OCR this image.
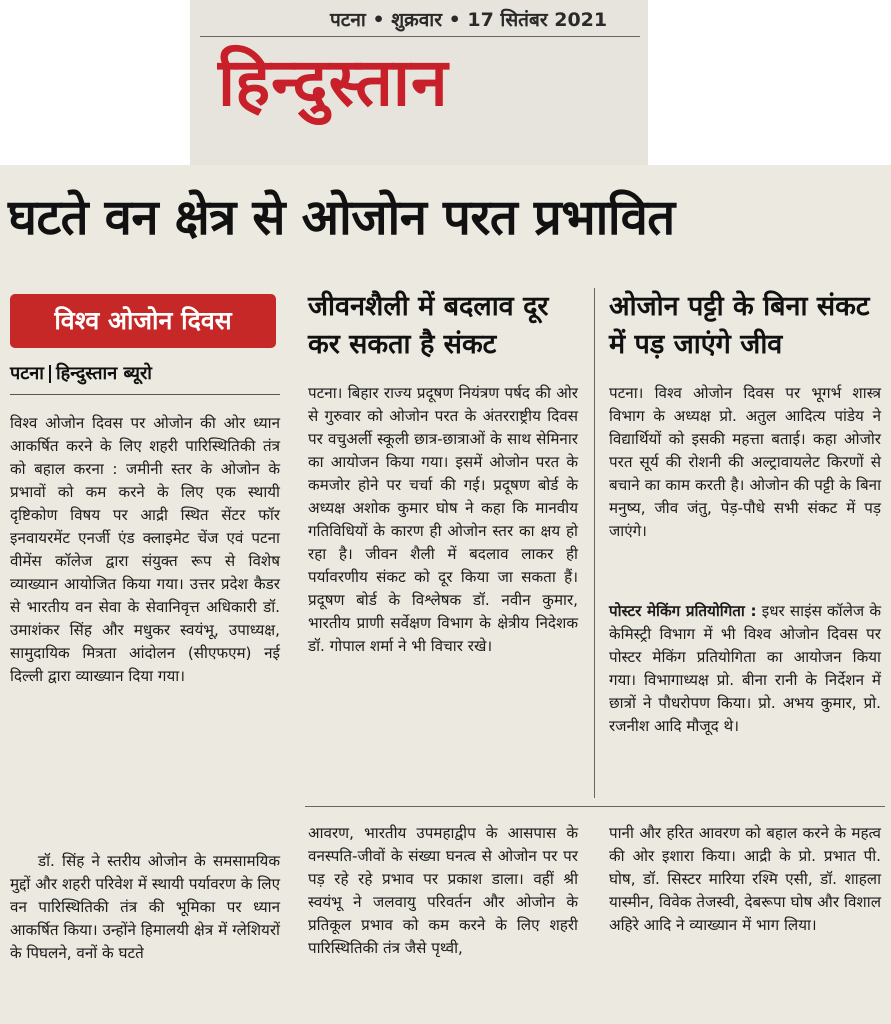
पटना • शुक्रवार • 17 सितंबर 2021
हिन्दुस्तान
घटते वन क्षेत्र से ओजोन परत प्रभावित
विश्व ओजोन दिवस
पटना हिन्दुस्तान ब्यूरो
विश्व ओजोन दिवस पर ओजोन की ओर ध्यान आकर्षित करने के लिए शहरी पारिस्थितिकी तंत्र को बहाल करना : जमीनी स्तर के ओजोन के प्रभावों को कम करने के लिए एक स्थायी दृष्टिकोण विषय पर आद्री स्थित सेंटर फॉर इनवायरमेंट एनर्जी एंड क्लाइमेट चेंज एवं पटना वीमेंस कॉलेज द्वारा संयुक्त रूप से विशेष व्याख्यान आयोजित किया गया। उत्तर प्रदेश कैडर से भारतीय वन सेवा के सेवानिवृत्त अधिकारी डॉ. उमाशंकर सिंह और मधुकर स्वयंभू, उपाध्यक्ष, सामुदायिक मित्रता आंदोलन (सीएफएम) नई दिल्ली द्वारा व्याख्यान दिया गया।
डॉ. सिंह ने स्तरीय ओजोन के समसामयिक मुद्दों और शहरी परिवेश में स्थायी पर्यावरण के लिए वन पारिस्थितिकी तंत्र की भूमिका पर ध्यान आकर्षित किया। उन्होंने हिमालयी क्षेत्र में ग्लेशियरों के पिघलने, वनों के घटते
जीवनशैली में बदलाव दूर कर सकता है संकट
पटना। बिहार राज्य प्रदूषण नियंत्रण पर्षद की ओर से गुरुवार को ओजोन परत के अंतरराष्ट्रीय दिवस पर वचुअर्ली स्कूली छात्र-छात्राओं के साथ सेमिनार का आयोजन किया गया। इसमें ओजोन परत के कमजोर होने पर चर्चा की गई। प्रदूषण बोर्ड के अध्यक्ष अशोक कुमार घोष ने कहा कि मानवीय गतिविधियों के कारण ही ओजोन स्तर का क्षय हो रहा है। जीवन शैली में बदलाव लाकर ही पर्यावरणीय संकट को दूर किया जा सकता हैं। प्रदूषण बोर्ड के विश्लेषक डॉ. नवीन कुमार, भारतीय प्राणी सर्वेक्षण विभाग के क्षेत्रीय निदेशक डॉ. गोपाल शर्मा ने भी विचार रखे।
आवरण, भारतीय उपमहाद्वीप के आसपास के वनस्पति-जीवों के संख्या घनत्व से ओजोन पर पर पड़ रहे रहे प्रभाव पर प्रकाश डाला। वहीं श्री स्वयंभू ने जलवायु परिवर्तन और ओजोन के प्रतिकूल प्रभाव को कम करने के लिए शहरी पारिस्थितिकी तंत्र जैसे पृथ्वी,
ओजोन पट्टी के बिना संकट में पड़ जाएंगे जीव
पटना। विश्व ओजोन दिवस पर भूगर्भ शास्त्र विभाग के अध्यक्ष प्रो. अतुल आदित्य पांडेय ने विद्यार्थियों को इसकी महत्ता बताई। कहा ओजोर परत सूर्य की रोशनी की अल्ट्रावायलेट किरणों से बचाने का काम करती है। ओजोन की पट्टी के बिना मनुष्य, जीव जंतु, पेड़-पौधे सभी संकट में पड़ जाएंगे।
पोस्टर मेकिंग प्रतियोगिता : इधर साइंस कॉलेज के केमिस्ट्री विभाग में भी विश्व ओजोन दिवस पर पोस्टर मेकिंग प्रतियोगिता का आयोजन किया गया। विभागाध्यक्ष प्रो. बीना रानी के निर्देशन में छात्रों ने पौधरोपण किया। प्रो. अभय कुमार, प्रो. रजनीश आदि मौजूद थे।
पानी और हरित आवरण को बहाल करने के महत्व की ओर इशारा किया। आद्री के प्रो. प्रभात पी. घोष, डॉ. सिस्टर मारिया रश्मि एसी, डॉ. शाहला यास्मीन, विवेक तेजस्वी, देबरूपा घोष और विशाल अहिरे आदि ने व्याख्यान में भाग लिया।
